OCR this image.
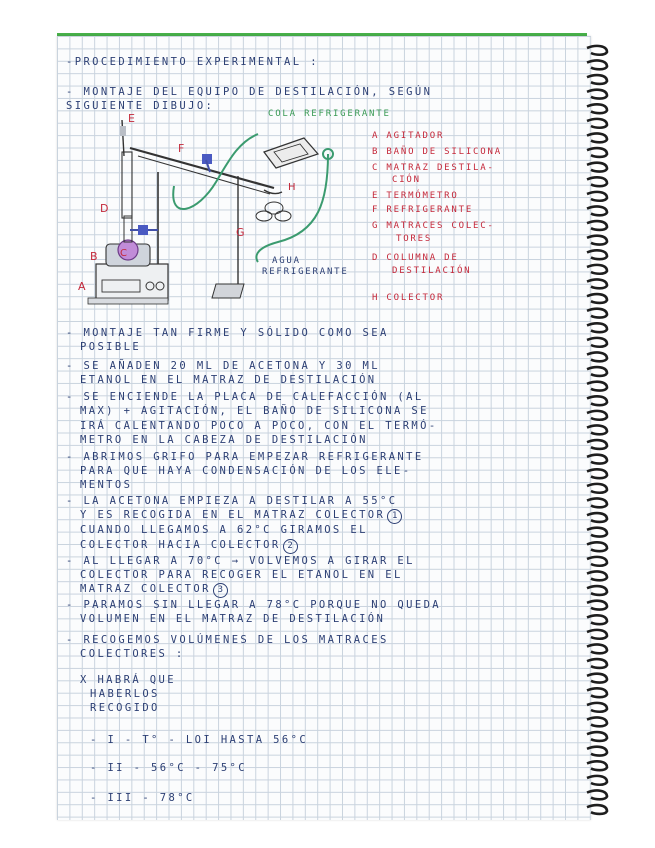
-PROCEDIMIENTO EXPERIMENTAL :
- MONTAJE DEL EQUIPO DE DESTILACIÓN, SEGÚN
SIGUIENTE DIBUJO:
A
B C
D
E
F
G
H
COLA REFRIGERANTE
AGUA
REFRIGERANTE
A AGITADOR
B BAÑO DE SILICONA
C MATRAZ DESTILA-
CIÓN
E TERMÓMETRO
F REFRIGERANTE
G MATRACES COLEC-
TORES
D COLUMNA DE
DESTILACIÓN
H COLECTOR
- MONTAJE TAN FIRME Y SÓLIDO COMO SEA
POSIBLE
- SE AÑADEN 20 ML DE ACETONA Y 30 ML
ETANOL EN EL MATRAZ DE DESTILACIÓN
- SE ENCIENDE LA PLACA DE CALEFACCIÓN (AL
MAX) + AGITACIÓN, EL BAÑO DE SILICONA SE
IRÁ CALENTANDO POCO A POCO, CON EL TERMÓ-
METRO EN LA CABEZA DE DESTILACIÓN
- ABRIMOS GRIFO PARA EMPEZAR REFRIGERANTE
PARA QUE HAYA CONDENSACIÓN DE LOS ELE-
MENTOS
- LA ACETONA EMPIEZA A DESTILAR A 55°C
Y ES RECOGIDA EN EL MATRAZ COLECTOR 1
CUANDO LLEGAMOS A 62°C GIRAMOS EL
COLECTOR HACIA COLECTOR 2
- AL LLEGAR A 70°C → VOLVEMOS A GIRAR EL
COLECTOR PARA RECOGER EL ETANOL EN EL
MATRAZ COLECTOR 3
- PARAMOS SIN LLEGAR A 78°C PORQUE NO QUEDA
VOLUMEN EN EL MATRAZ DE DESTILACIÓN
- RECOGEMOS VOLÚMENES DE LOS MATRACES
COLECTORES :
X HABRÁ QUE
HABERLOS
RECOGIDO
- I - T° - LOI HASTA 56°C
- II - 56°C - 75°C
- III - 78°C
